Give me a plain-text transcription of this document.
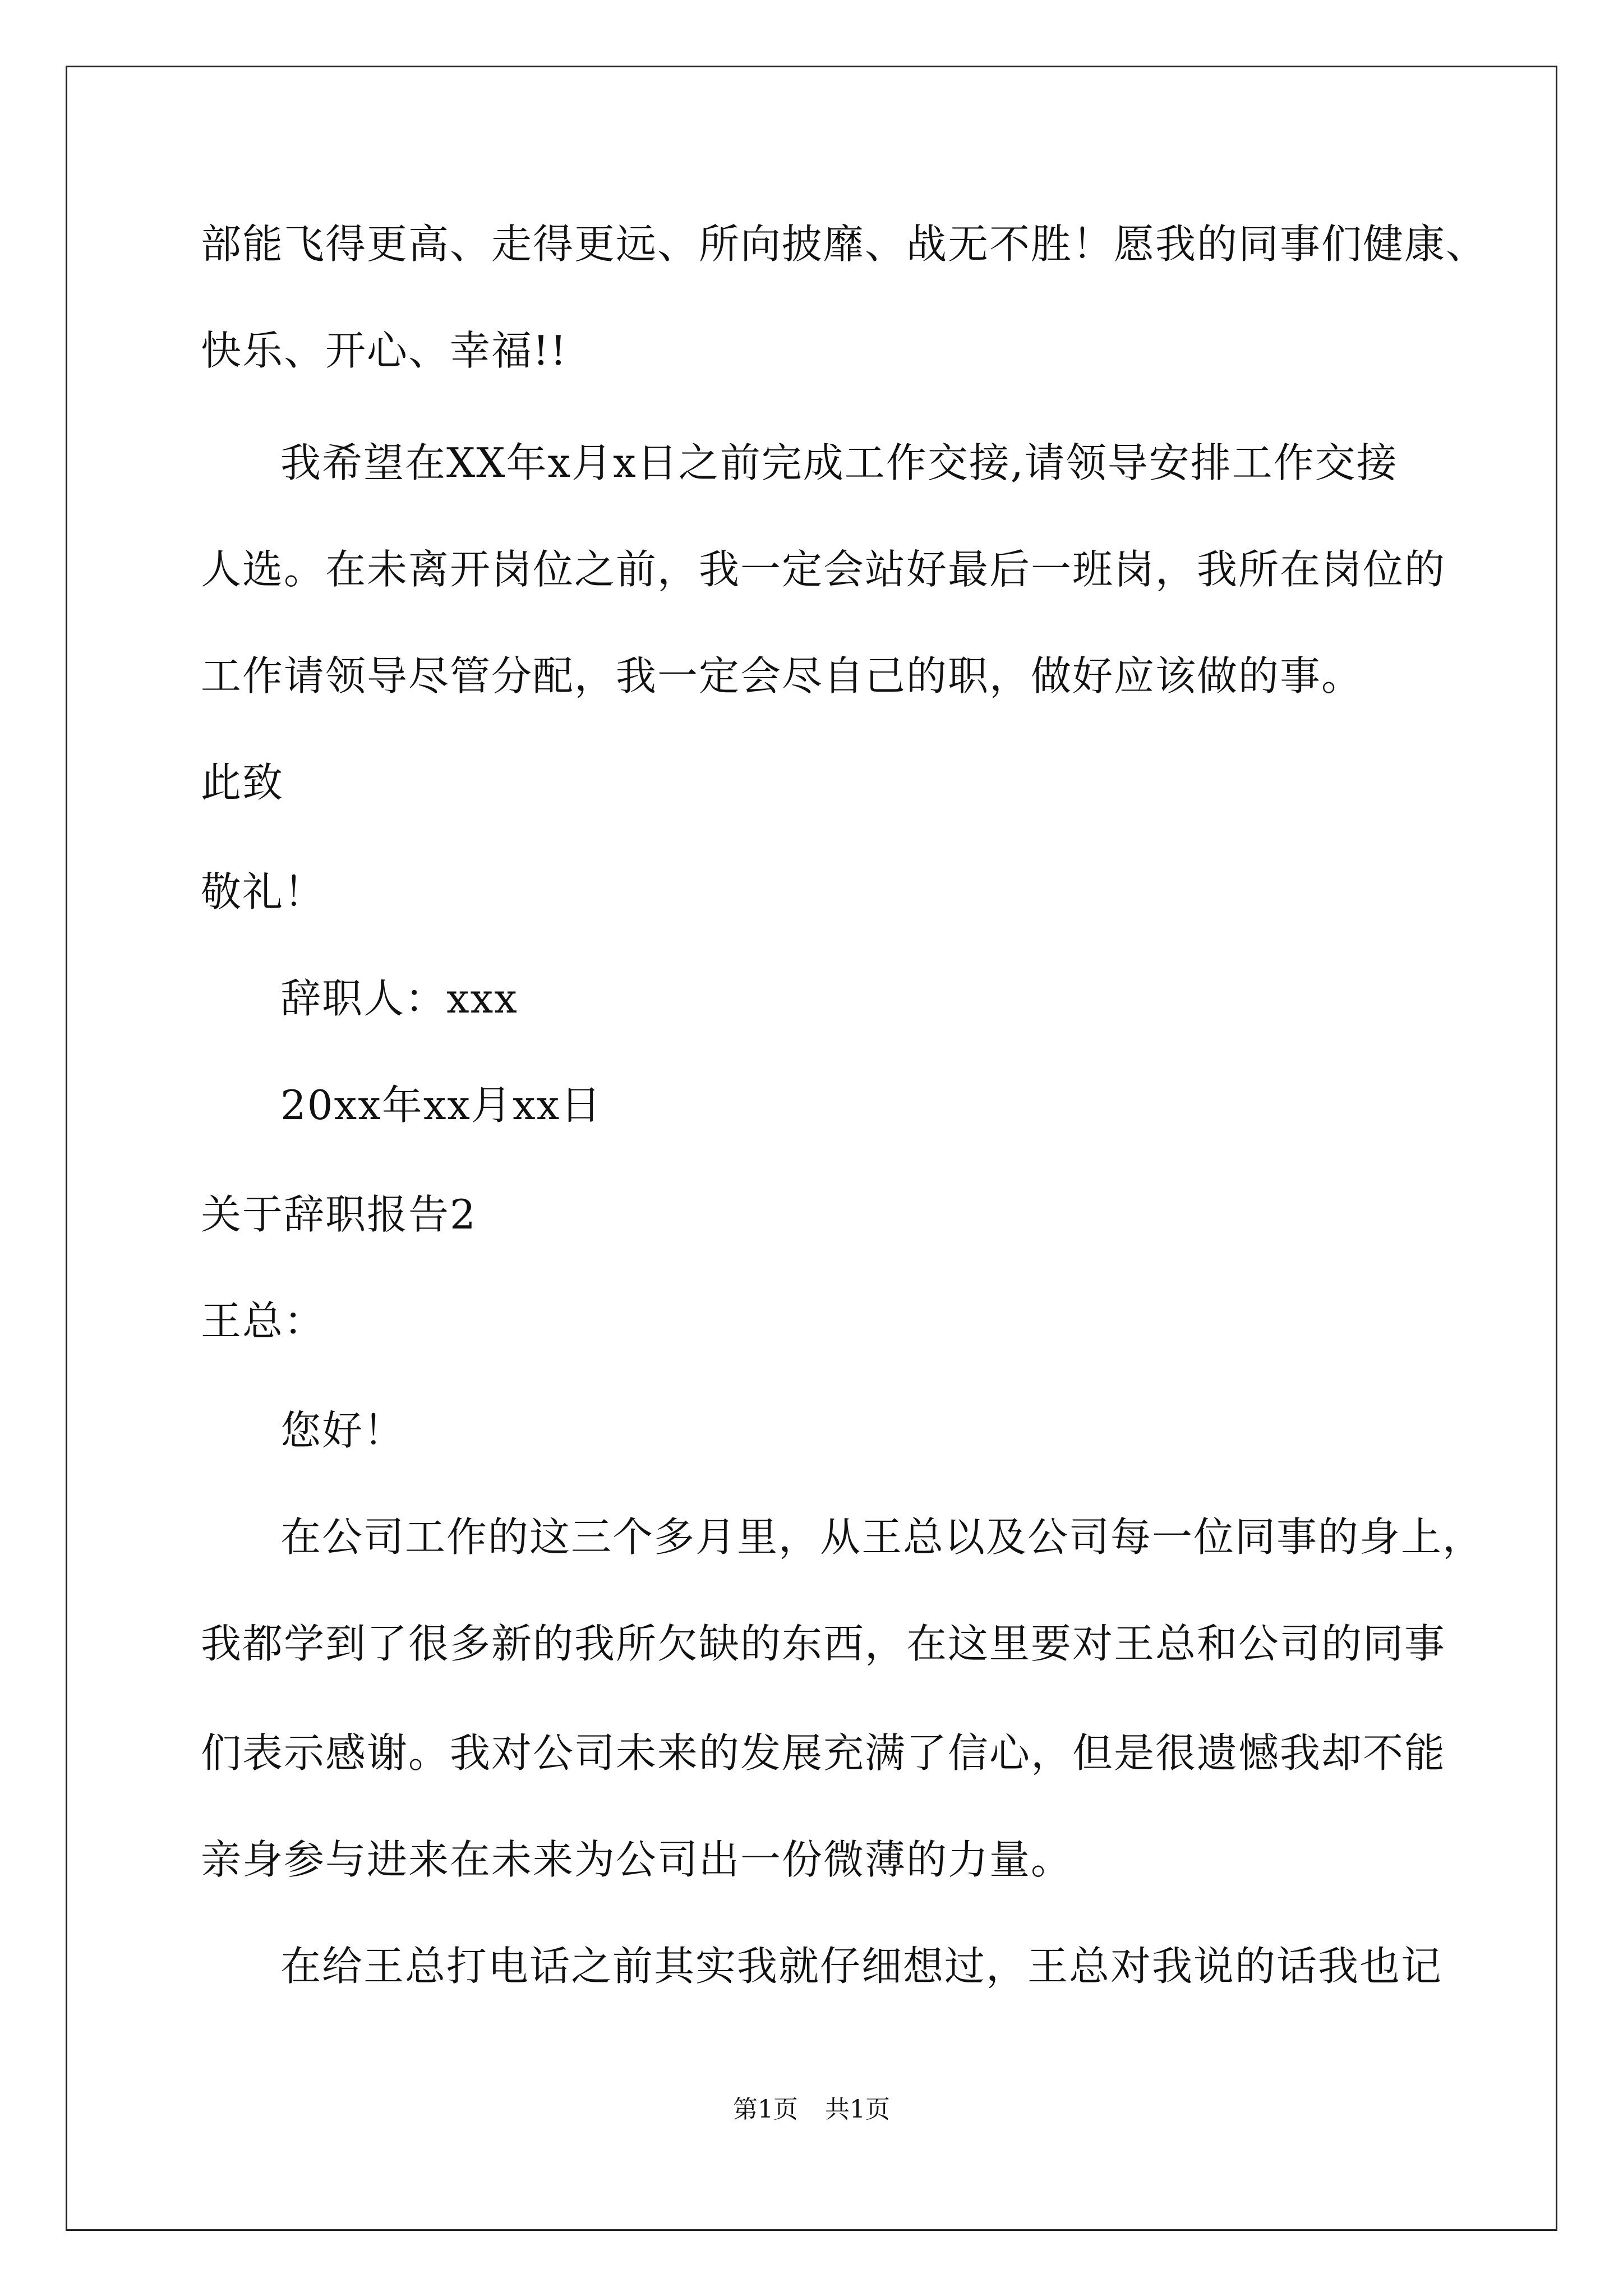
部能飞得更高、走得更远、所向披靡、战无不胜！愿我的同事们健康、
快乐、开心、幸福!!
我希望在XX年x月x日之前完成工作交接,请领导安排工作交接
人选。在未离开岗位之前，我一定会站好最后一班岗，我所在岗位的
工作请领导尽管分配，我一定会尽自己的职，做好应该做的事。
此致
敬礼！
辞职人：xxx
20xx年xx月xx日
关于辞职报告2
王总：
您好！
在公司工作的这三个多月里，从王总以及公司每一位同事的身上，
我都学到了很多新的我所欠缺的东西，在这里要对王总和公司的同事
们表示感谢。我对公司未来的发展充满了信心，但是很遗憾我却不能
亲身参与进来在未来为公司出一份微薄的力量。
在给王总打电话之前其实我就仔细想过，王总对我说的话我也记
第1页 共1页
